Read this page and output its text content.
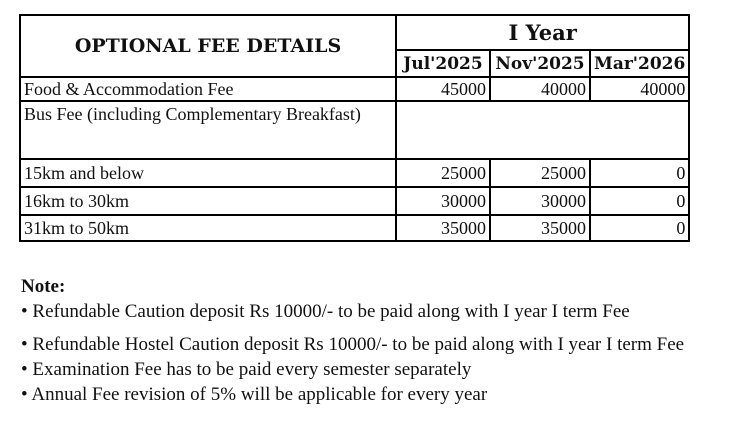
OPTIONAL FEE DETAILS	I Year		
	Jul'2025	Nov'2025	Mar'2026
Food & Accommodation Fee	45000	40000	40000
Bus Fee (including Complementary Breakfast)			
15km and below	25000	25000	0
16km to 30km	30000	30000	0
31km to 50km	35000	35000	0
Note:
• Refundable Caution deposit Rs 10000/- to be paid along with I year I term Fee
• Refundable Hostel Caution deposit Rs 10000/- to be paid along with I year I term Fee
• Examination Fee has to be paid every semester separately
• Annual Fee revision of 5% will be applicable for every year
